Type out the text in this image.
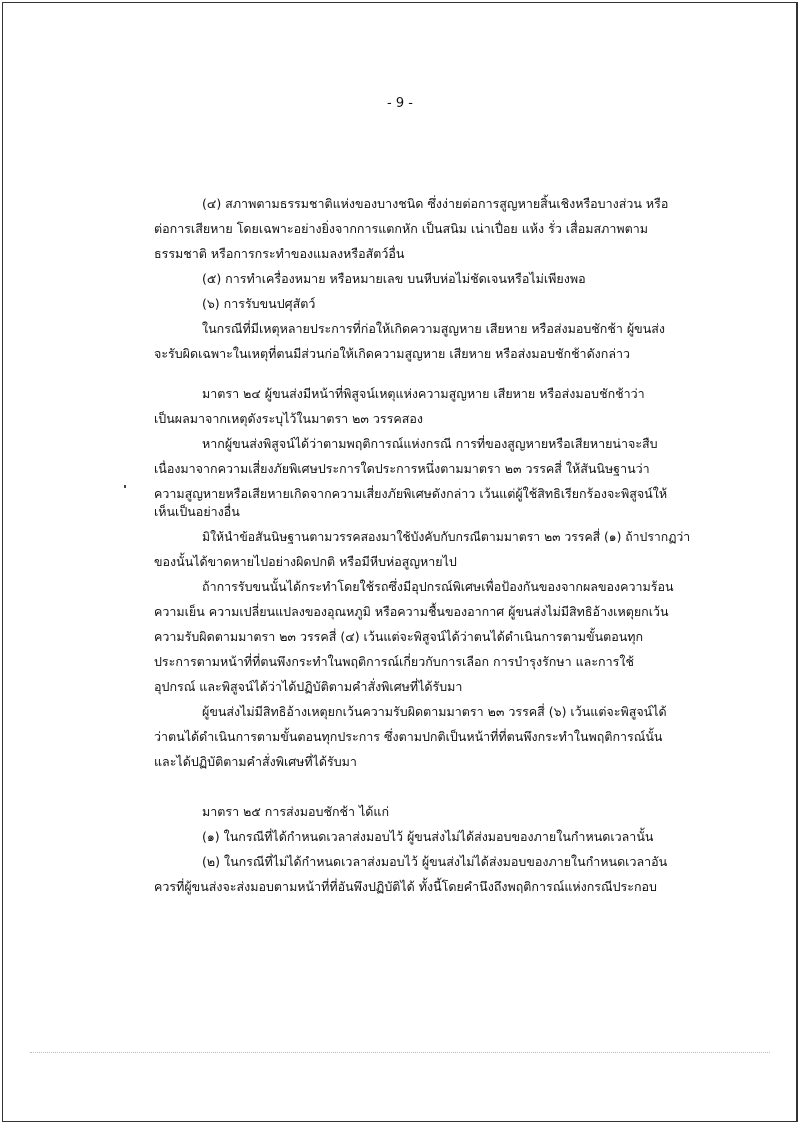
- 9 -
(๔) สภาพตามธรรมชาติแห่งของบางชนิด ซึ่งง่ายต่อการสูญหายสิ้นเชิงหรือบางส่วน หรือ
ต่อการเสียหาย โดยเฉพาะอย่างยิ่งจากการแตกหัก เป็นสนิม เน่าเปื่อย แห้ง รั่ว เสื่อมสภาพตาม
ธรรมชาติ หรือการกระทำของแมลงหรือสัตว์อื่น
(๕) การทำเครื่องหมาย หรือหมายเลข บนหีบห่อไม่ชัดเจนหรือไม่เพียงพอ
(๖) การรับขนปศุสัตว์
ในกรณีที่มีเหตุหลายประการที่ก่อให้เกิดความสูญหาย เสียหาย หรือส่งมอบชักช้า ผู้ขนส่ง
จะรับผิดเฉพาะในเหตุที่ตนมีส่วนก่อให้เกิดความสูญหาย เสียหาย หรือส่งมอบชักช้าดังกล่าว
มาตรา ๒๔ ผู้ขนส่งมีหน้าที่พิสูจน์เหตุแห่งความสูญหาย เสียหาย หรือส่งมอบชักช้าว่า
เป็นผลมาจากเหตุดังระบุไว้ในมาตรา ๒๓ วรรคสอง
หากผู้ขนส่งพิสูจน์ได้ว่าตามพฤติการณ์แห่งกรณี การที่ของสูญหายหรือเสียหายน่าจะสืบ
เนื่องมาจากความเสี่ยงภัยพิเศษประการใดประการหนึ่งตามมาตรา ๒๓ วรรคสี่ ให้สันนิษฐานว่า
ความสูญหายหรือเสียหายเกิดจากความเสี่ยงภัยพิเศษดังกล่าว เว้นแต่ผู้ใช้สิทธิเรียกร้องจะพิสูจน์ให้
เห็นเป็นอย่างอื่น
มิให้นำข้อสันนิษฐานตามวรรคสองมาใช้บังคับกับกรณีตามมาตรา ๒๓ วรรคสี่ (๑) ถ้าปรากฏว่า
ของนั้นได้ขาดหายไปอย่างผิดปกติ หรือมีหีบห่อสูญหายไป
ถ้าการรับขนนั้นได้กระทำโดยใช้รถซึ่งมีอุปกรณ์พิเศษเพื่อป้องกันของจากผลของความร้อน
ความเย็น ความเปลี่ยนแปลงของอุณหภูมิ หรือความชื้นของอากาศ ผู้ขนส่งไม่มีสิทธิอ้างเหตุยกเว้น
ความรับผิดตามมาตรา ๒๓ วรรคสี่ (๔) เว้นแต่จะพิสูจน์ได้ว่าตนได้ดำเนินการตามขั้นตอนทุก
ประการตามหน้าที่ที่ตนพึงกระทำในพฤติการณ์เกี่ยวกับการเลือก การบำรุงรักษา และการใช้
อุปกรณ์ และพิสูจน์ได้ว่าได้ปฏิบัติตามคำสั่งพิเศษที่ได้รับมา
ผู้ขนส่งไม่มีสิทธิอ้างเหตุยกเว้นความรับผิดตามมาตรา ๒๓ วรรคสี่ (๖) เว้นแต่จะพิสูจน์ได้
ว่าตนได้ดำเนินการตามขั้นตอนทุกประการ ซึ่งตามปกติเป็นหน้าที่ที่ตนพึงกระทำในพฤติการณ์นั้น
และได้ปฏิบัติตามคำสั่งพิเศษที่ได้รับมา
มาตรา ๒๕ การส่งมอบชักช้า ได้แก่
(๑) ในกรณีที่ได้กำหนดเวลาส่งมอบไว้ ผู้ขนส่งไม่ได้ส่งมอบของภายในกำหนดเวลานั้น
(๒) ในกรณีที่ไม่ได้กำหนดเวลาส่งมอบไว้ ผู้ขนส่งไม่ได้ส่งมอบของภายในกำหนดเวลาอัน
ควรที่ผู้ขนส่งจะส่งมอบตามหน้าที่ที่อันพึงปฏิบัติได้ ทั้งนี้โดยคำนึงถึงพฤติการณ์แห่งกรณีประกอบ
